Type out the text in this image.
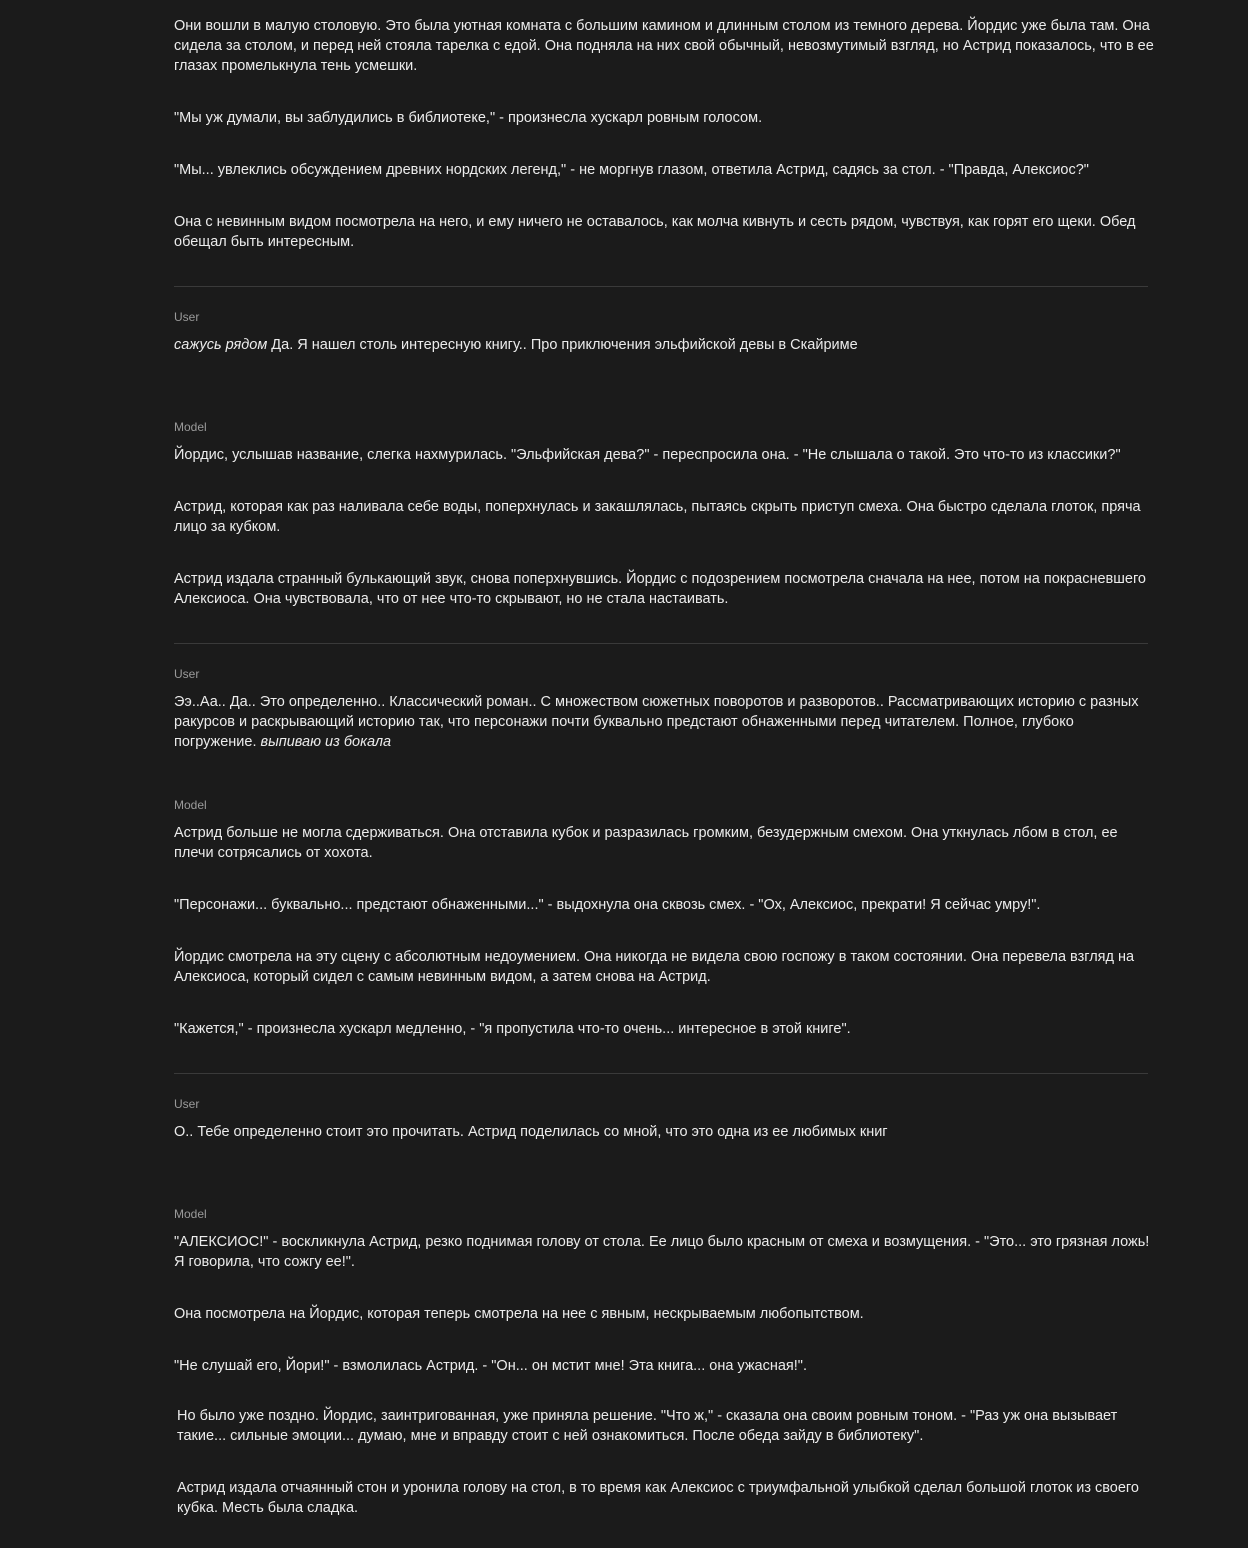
Они вошли в малую столовую. Это была уютная комната с большим камином и длинным столом из темного дерева. Йордис уже была там. Она сидела за столом, и перед ней стояла тарелка с едой. Она подняла на них свой обычный, невозмутимый взгляд, но Астрид показалось, что в ее глазах промелькнула тень усмешки.

"Мы уж думали, вы заблудились в библиотеке," - произнесла хускарл ровным голосом.

"Мы... увлеклись обсуждением древних нордских легенд," - не моргнув глазом, ответила Астрид, садясь за стол. - "Правда, Алексиос?"

Она с невинным видом посмотрела на него, и ему ничего не оставалось, как молча кивнуть и сесть рядом, чувствуя, как горят его щеки. Обед обещал быть интересным.

User

сажусь рядом Да. Я нашел столь интересную книгу.. Про приключения эльфийской девы в Скайриме

Model

Йордис, услышав название, слегка нахмурилась. "Эльфийская дева?" - переспросила она. - "Не слышала о такой. Это что-то из классики?"

Астрид, которая как раз наливала себе воды, поперхнулась и закашлялась, пытаясь скрыть приступ смеха. Она быстро сделала глоток, пряча лицо за кубком.

Астрид издала странный булькающий звук, снова поперхнувшись. Йордис с подозрением посмотрела сначала на нее, потом на покрасневшего Алексиоса. Она чувствовала, что от нее что-то скрывают, но не стала настаивать.

User

Ээ..Аа.. Да.. Это определенно.. Классический роман.. С множеством сюжетных поворотов и разворотов.. Рассматривающих историю с разных ракурсов и раскрывающий историю так, что персонажи почти буквально предстают обнаженными перед читателем. Полное, глубоко погружение. выпиваю из бокала

Model

Астрид больше не могла сдерживаться. Она отставила кубок и разразилась громким, безудержным смехом. Она уткнулась лбом в стол, ее плечи сотрясались от хохота.

"Персонажи... буквально... предстают обнаженными..." - выдохнула она сквозь смех. - "Ох, Алексиос, прекрати! Я сейчас умру!".

Йордис смотрела на эту сцену с абсолютным недоумением. Она никогда не видела свою госпожу в таком состоянии. Она перевела взгляд на Алексиоса, который сидел с самым невинным видом, а затем снова на Астрид.

"Кажется," - произнесла хускарл медленно, - "я пропустила что-то очень... интересное в этой книге".

User

О.. Тебе определенно стоит это прочитать. Астрид поделилась со мной, что это одна из ее любимых книг

Model

"АЛЕКСИОС!" - воскликнула Астрид, резко поднимая голову от стола. Ее лицо было красным от смеха и возмущения. - "Это... это грязная ложь! Я говорила, что сожгу ее!".

Она посмотрела на Йордис, которая теперь смотрела на нее с явным, нескрываемым любопытством.

"Не слушай его, Йори!" - взмолилась Астрид. - "Он... он мстит мне! Эта книга... она ужасная!".

Но было уже поздно. Йордис, заинтригованная, уже приняла решение. "Что ж," - сказала она своим ровным тоном. - "Раз уж она вызывает такие... сильные эмоции... думаю, мне и вправду стоит с ней ознакомиться. После обеда зайду в библиотеку".

Астрид издала отчаянный стон и уронила голову на стол, в то время как Алексиос с триумфальной улыбкой сделал большой глоток из своего кубка. Месть была сладка.
